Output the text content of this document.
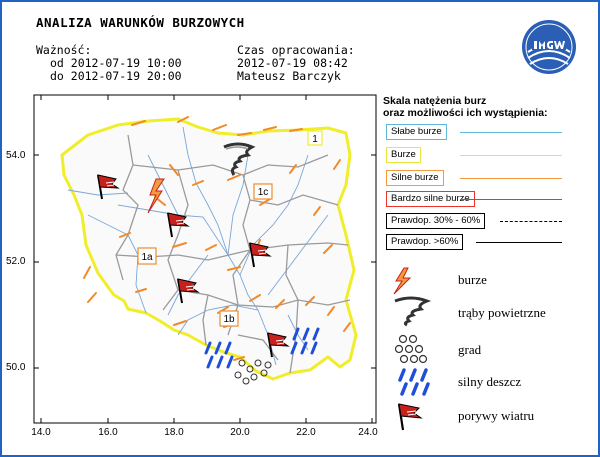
ANALIZA WARUNKÓW BURZOWYCH
Ważność:
od 2012-07-19 10:00
do 2012-07-19 20:00
Czas opracowania:
2012-07-19 08:42
Mateusz Barczyk
1
1a
1b
1c
14.0	16.0	18.0	20.0	22.0	24.0
54.0
52.0
50.0
Skala natężenia burz
oraz możliwości ich wystąpienia:
Słabe burze
Burze
Silne burze
Bardzo silne burze
Prawdop. 30% - 60%
Prawdop. >60%
burze
trąby powietrzne
grad
silny deszcz
porywy wiatru
